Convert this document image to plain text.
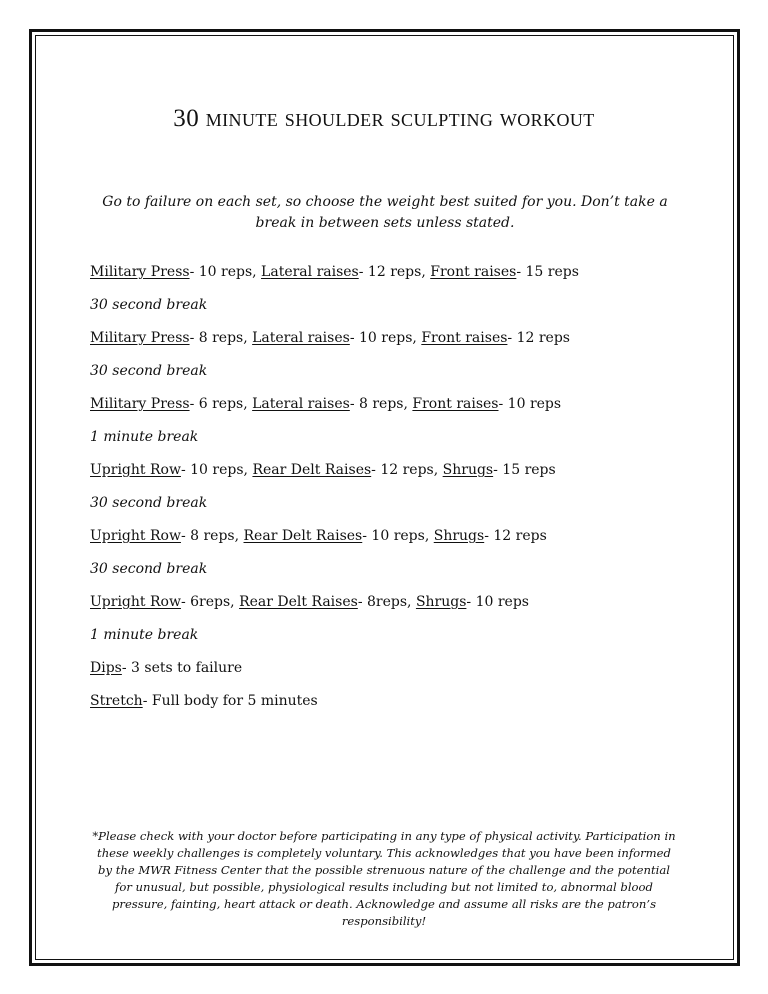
30 minute shoulder sculpting workout

Go to failure on each set, so choose the weight best suited for you. Don’t take a break in between sets unless stated.

Military Press- 10 reps, Lateral raises- 12 reps, Front raises- 15 reps
30 second break
Military Press- 8 reps, Lateral raises- 10 reps, Front raises- 12 reps
30 second break
Military Press- 6 reps, Lateral raises- 8 reps, Front raises- 10 reps
1 minute break
Upright Row- 10 reps, Rear Delt Raises- 12 reps, Shrugs- 15 reps
30 second break
Upright Row- 8 reps, Rear Delt Raises- 10 reps, Shrugs- 12 reps
30 second break
Upright Row- 6reps, Rear Delt Raises- 8reps, Shrugs- 10 reps
1 minute break
Dips- 3 sets to failure
Stretch- Full body for 5 minutes

*Please check with your doctor before participating in any type of physical activity. Participation in these weekly challenges is completely voluntary. This acknowledges that you have been informed by the MWR Fitness Center that the possible strenuous nature of the challenge and the potential for unusual, but possible, physiological results including but not limited to, abnormal blood pressure, fainting, heart attack or death. Acknowledge and assume all risks are the patron’s responsibility!
